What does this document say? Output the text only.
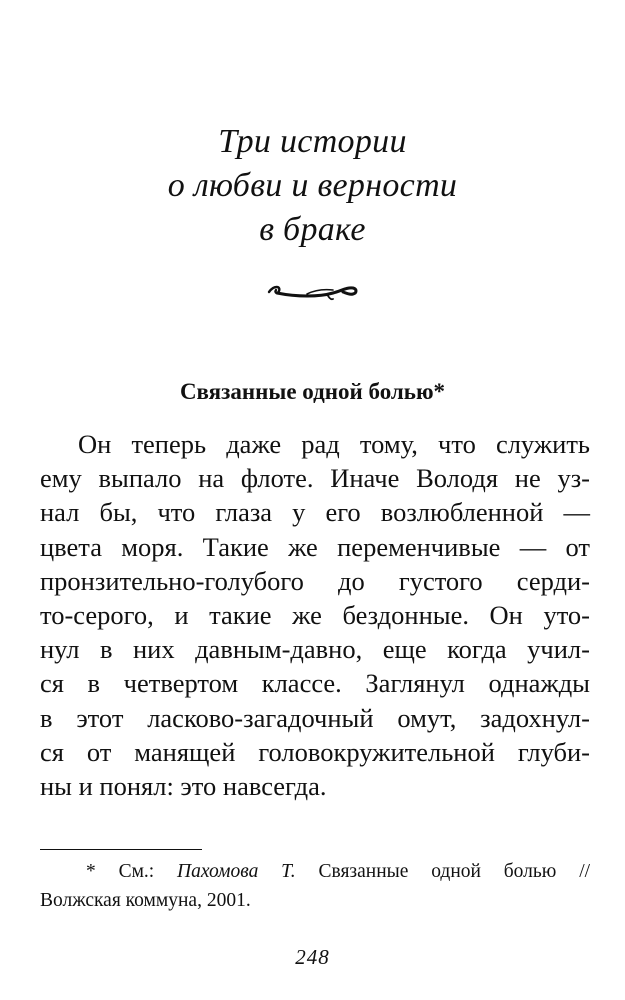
Три истории
о любви и верности
в браке
Связанные одной болью*
Он теперь даже рад тому, что служить
ему выпало на флоте. Иначе Володя не уз-
нал бы, что глаза у его возлюбленной —
цвета моря. Такие же переменчивые — от
пронзительно-голубого до густого серди-
то-серого, и такие же бездонные. Он уто-
нул в них давным-давно, еще когда учил-
ся в четвертом классе. Заглянул однажды
в этот ласково-загадочный омут, задохнул-
ся от манящей головокружительной глуби-
ны и понял: это навсегда.
* См.: Пахомова Т. Связанные одной болью //
Волжская коммуна, 2001.
248
